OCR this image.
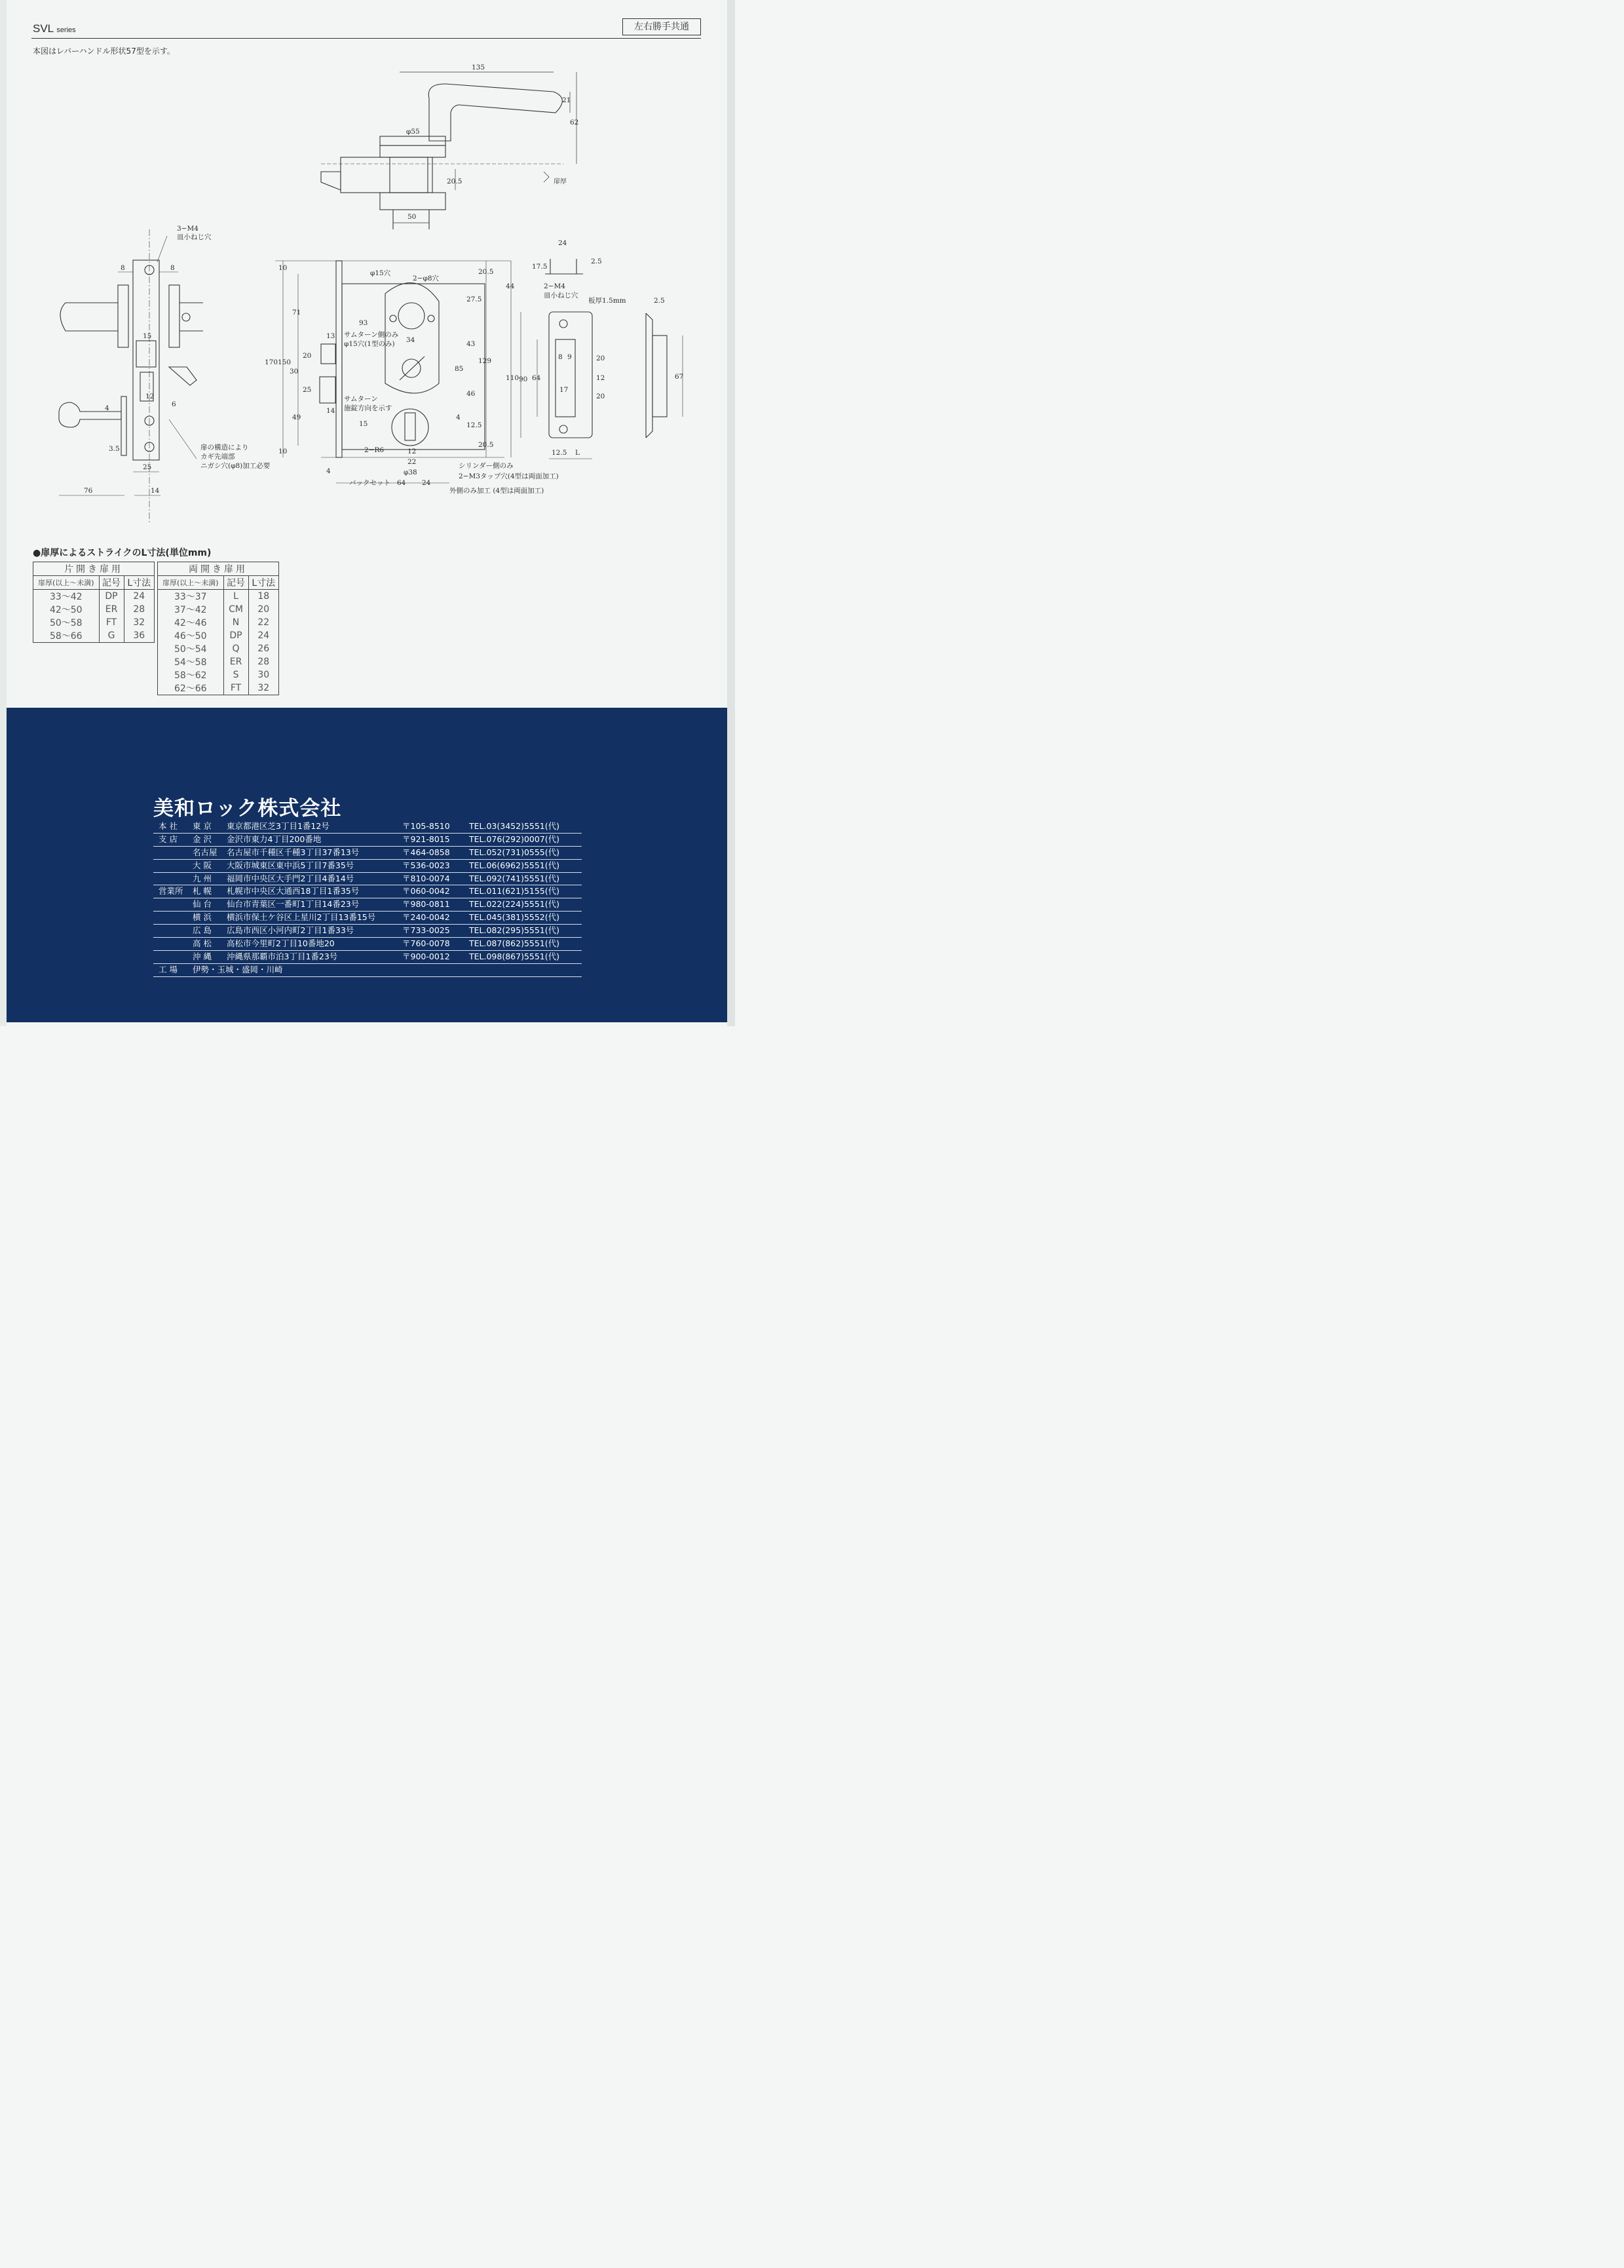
SVL series	左右勝手共通
本図はレバーハンドル形状57型を示す。
135
21
62
φ55
20.5
50
扉厚
3−M4
皿小ねじ穴
扉の構造により
カギ先端部
ニガシ穴(φ8)加工必要
8	8
15
12
6
4
3.5
25
76	14
φ15穴
2−φ8穴
サムターン側のみ
φ15穴(1型のみ)
サムターン
施錠方向を示す
2−R6
シリンダー側のみ
2−M3タップ穴(4型は両面加工)
外側のみ加工 (4型は両面加工)
バックセット
10
71
170 150
20
30
25
49
10
93
13
14
15
34
20.5
27.5
43
85
129
46
12.5
4
20.5
44
110
12
22
φ38
64 24
4
2−M4
皿小ねじ穴
板厚1.5mm
24
17.5
2.5
8 9	20
12
20
64
90
17
12.5 L
2.5
67
●扉厚によるストライクのL寸法(単位mm)
片開き扉用		
扉厚(以上〜未満)	記号	L寸法
33〜42	DP	24
42〜50	ER	28
50〜58	FT	32
58〜66	G	36
両開き扉用		
扉厚(以上〜未満)	記号	L寸法
33〜37	L	18
37〜42	CM	20
42〜46	N	22
46〜50	DP	24
50〜54	Q	26
54〜58	ER	28
58〜62	S	30
62〜66	FT	32
美和ロック株式会社
本 社 東 京 東京都港区芝3丁目1番12号	〒105-8510 TEL.03(3452)5551(代)
支 店 金 沢 金沢市東力4丁目200番地	〒921-8015 TEL.076(292)0007(代)
名古屋 名古屋市千種区千種3丁目37番13号	〒464-0858 TEL.052(731)0555(代)
大 阪 大阪市城東区東中浜5丁目7番35号	〒536-0023 TEL.06(6962)5551(代)
九 州 福岡市中央区大手門2丁目4番14号	〒810-0074 TEL.092(741)5551(代)
営業所 札 幌 札幌市中央区大通西18丁目1番35号	〒060-0042 TEL.011(621)5155(代)
仙 台 仙台市青葉区一番町1丁目14番23号	〒980-0811 TEL.022(224)5551(代)
横 浜 横浜市保土ケ谷区上星川2丁目13番15号	〒240-0042 TEL.045(381)5552(代)
広 島 広島市西区小河内町2丁目1番33号	〒733-0025 TEL.082(295)5551(代)
高 松 高松市今里町2丁目10番地20	〒760-0078 TEL.087(862)5551(代)
沖 縄 沖縄県那覇市泊3丁目1番23号	〒900-0012 TEL.098(867)5551(代)
工 場 伊勢・玉城・盛岡・川崎
